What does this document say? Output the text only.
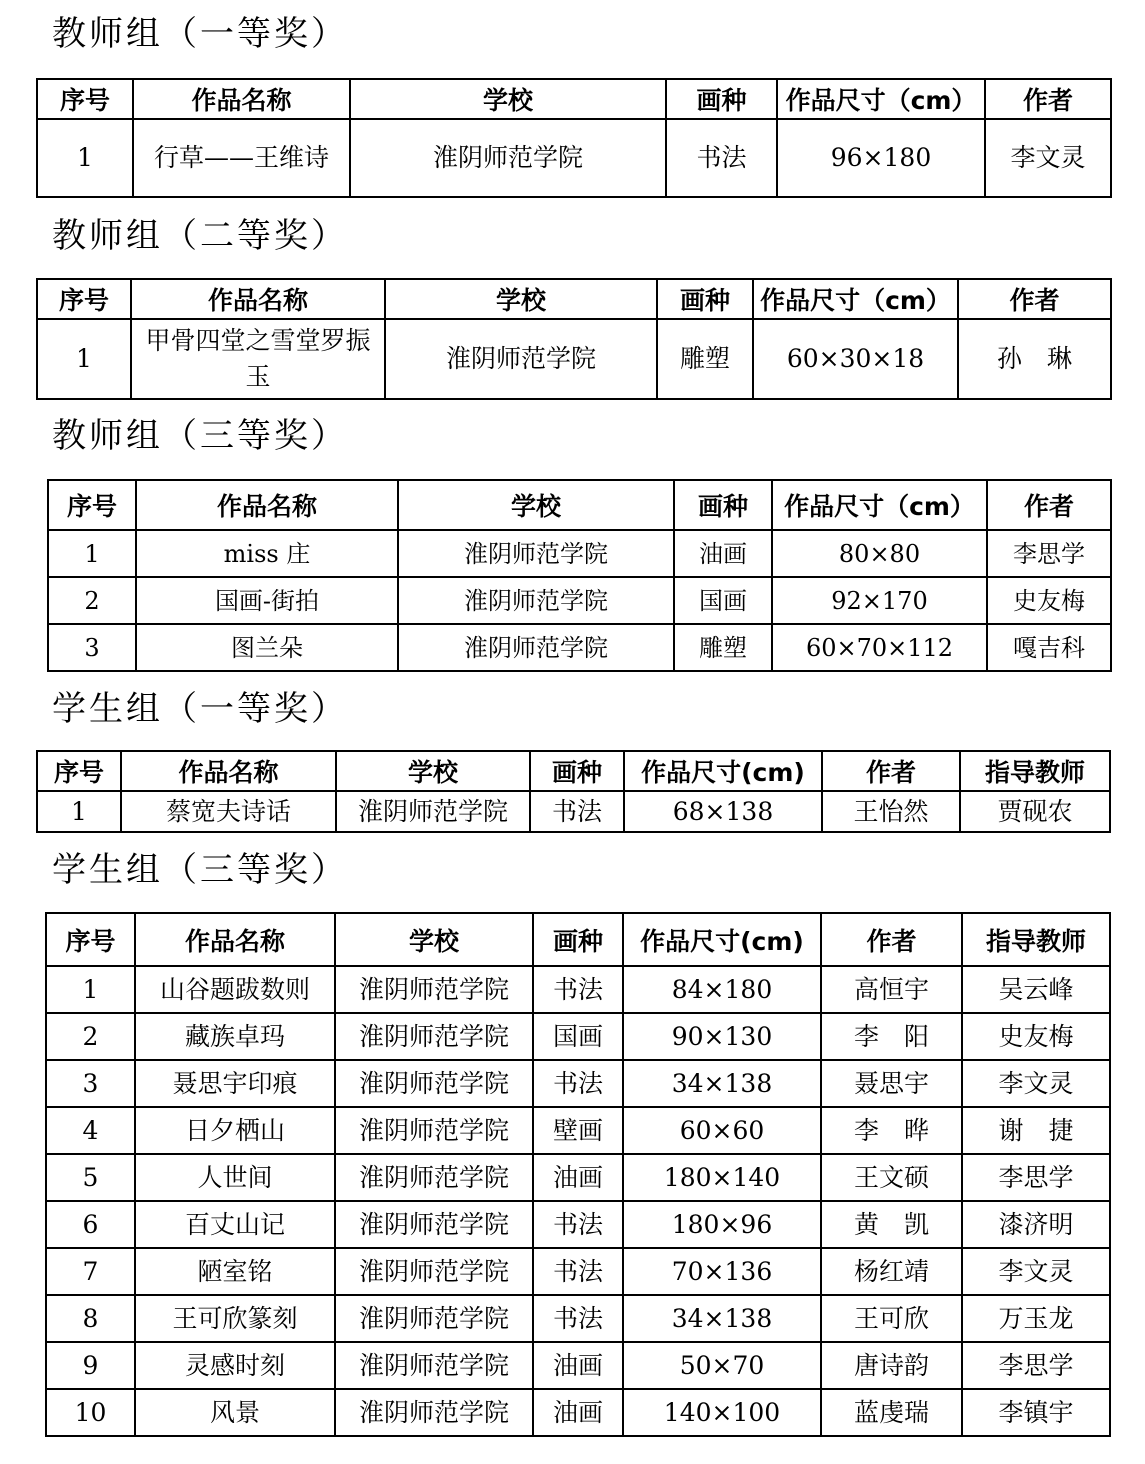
教师组（一等奖）
序号	作品名称	学校	画种	作品尺寸（cm）	作者
1	行草——王维诗	淮阴师范学院	书法	96×180	李文灵
教师组（二等奖）
序号	作品名称	学校	画种	作品尺寸（cm）	作者
1	甲骨四堂之雪堂罗振玉	淮阴师范学院	雕塑	60×30×18	孙　琳
教师组（三等奖）
序号	作品名称	学校	画种	作品尺寸（cm）	作者
1	miss 庄	淮阴师范学院	油画	80×80	李思学
2	国画-街拍	淮阴师范学院	国画	92×170	史友梅
3	图兰朵	淮阴师范学院	雕塑	60×70×112	嘎吉科
学生组（一等奖）
序号	作品名称	学校	画种	作品尺寸(cm)	作者	指导教师
1	蔡宽夫诗话	淮阴师范学院	书法	68×138	王怡然	贾砚农
学生组（三等奖）
序号	作品名称	学校	画种	作品尺寸(cm)	作者	指导教师
1	山谷题跋数则	淮阴师范学院	书法	84×180	高恒宇	吴云峰
2	藏族卓玛	淮阴师范学院	国画	90×130	李　阳	史友梅
3	聂思宇印痕	淮阴师范学院	书法	34×138	聂思宇	李文灵
4	日夕栖山	淮阴师范学院	壁画	60×60	李　晔	谢　捷
5	人世间	淮阴师范学院	油画	180×140	王文硕	李思学
6	百丈山记	淮阴师范学院	书法	180×96	黄　凯	漆济明
7	陋室铭	淮阴师范学院	书法	70×136	杨红靖	李文灵
8	王可欣篆刻	淮阴师范学院	书法	34×138	王可欣	万玉龙
9	灵感时刻	淮阴师范学院	油画	50×70	唐诗韵	李思学
10	风景	淮阴师范学院	油画	140×100	蓝虔瑞	李镇宇
